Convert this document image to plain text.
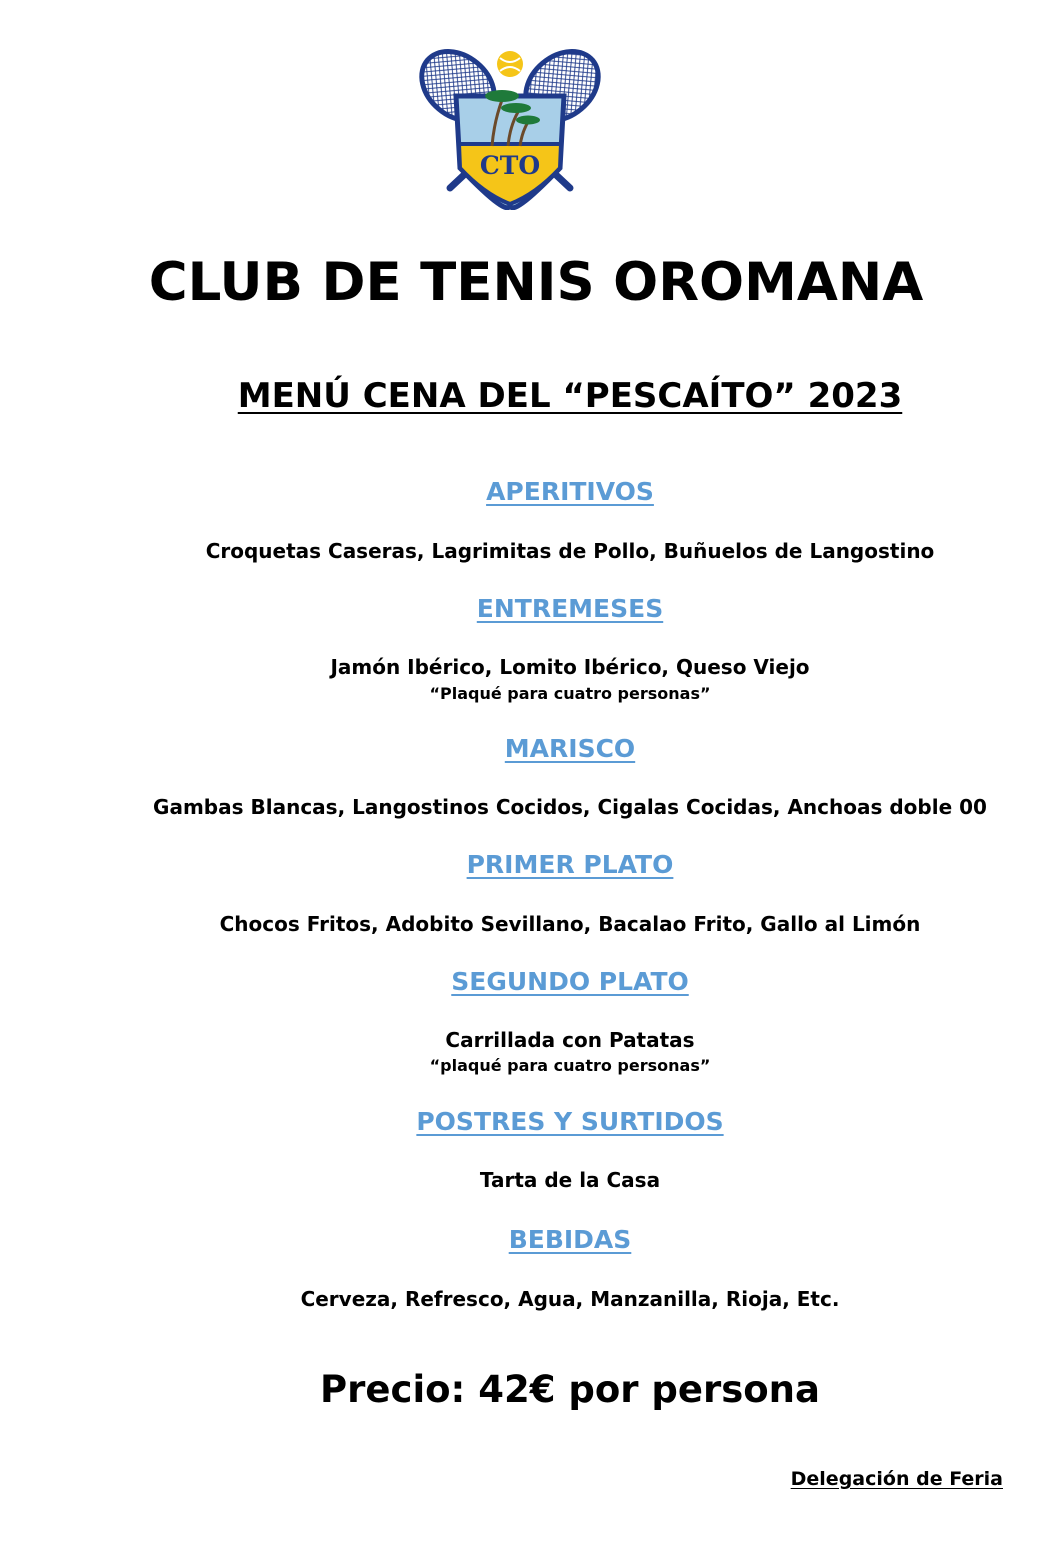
CTO
CLUB DE TENIS OROMANA
MENÚ CENA DEL “PESCAÍTO” 2023
APERITIVOS
Croquetas Caseras, Lagrimitas de Pollo, Buñuelos de Langostino
ENTREMESES
Jamón Ibérico, Lomito Ibérico, Queso Viejo
“Plaqué para cuatro personas”
MARISCO
Gambas Blancas, Langostinos Cocidos, Cigalas Cocidas, Anchoas doble 00
PRIMER PLATO
Chocos Fritos, Adobito Sevillano, Bacalao Frito, Gallo al Limón
SEGUNDO PLATO
Carrillada con Patatas
“plaqué para cuatro personas”
POSTRES Y SURTIDOS
Tarta de la Casa
BEBIDAS
Cerveza, Refresco, Agua, Manzanilla, Rioja, Etc.
Precio: 42€ por persona
Delegación de Feria
